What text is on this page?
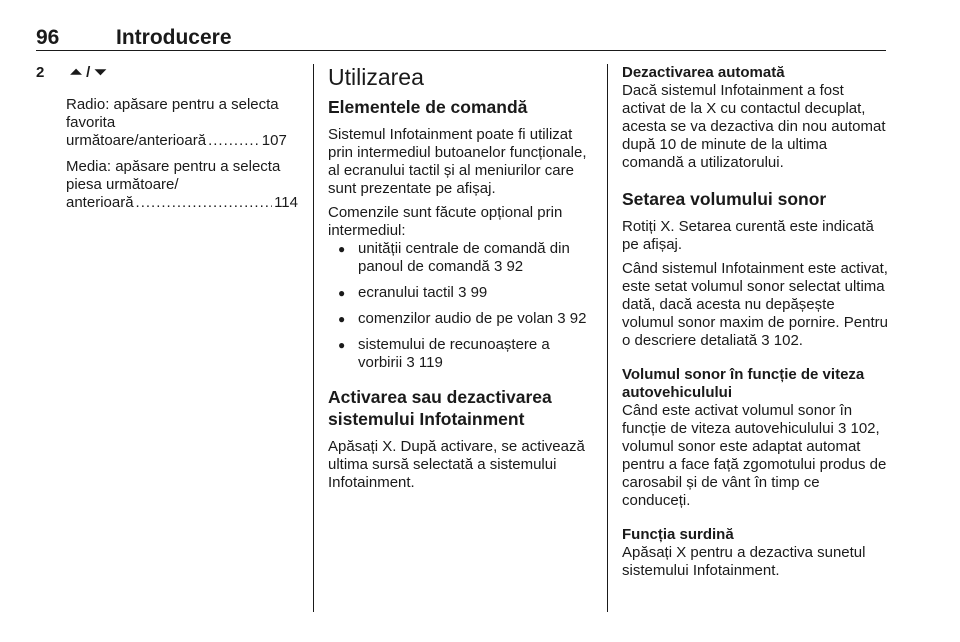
96	Introducere
2 ⏶ / ⏷

Radio: apăsare pentru a selecta favorita

următoare/anterioară .......... 107

Media: apăsare pentru a selecta piesa următoare/

anterioară
.....	114
Utilizarea
Elementele de comandă

Sistemul Infotainment poate fi utilizat prin intermediul butoanelor funcționale, al ecranului tactil și al meniurilor care sunt prezentate pe afișaj.

Comenzile sunt făcute opțional prin intermediul:

● unității centrale de comandă din panoul de comandă 3 92
● ecranului tactil 3 99
● comenzilor audio de pe volan 3 92
● sistemului de recunoaștere a vorbirii 3 119
Activarea sau dezactivarea sistemului Infotainment

Apăsați X. După activare, se activează ultima sursă selectată a sistemului Infotainment.

Dezactivarea automată

Dacă sistemul Infotainment a fost activat de la X cu contactul decuplat, acesta se va dezactiva din nou automat după 10 de minute de la ultima comandă a utilizatorului.

Setarea volumului sonor

Rotiți X. Setarea curentă este indicată pe afișaj.

Când sistemul Infotainment este activat, este setat volumul sonor selectat ultima dată, dacă acesta nu depășește volumul sonor maxim de pornire. Pentru o descriere detaliată 3 102.

Volumul sonor în funcție de viteza autovehiculului

Când este activat volumul sonor în funcție de viteza autovehiculului 3 102, volumul sonor este adaptat automat pentru a face față zgomotului produs de carosabil și de vânt în timp ce conduceți.

Funcția surdină

Apăsați X pentru a dezactiva sunetul sistemului Infotainment.
